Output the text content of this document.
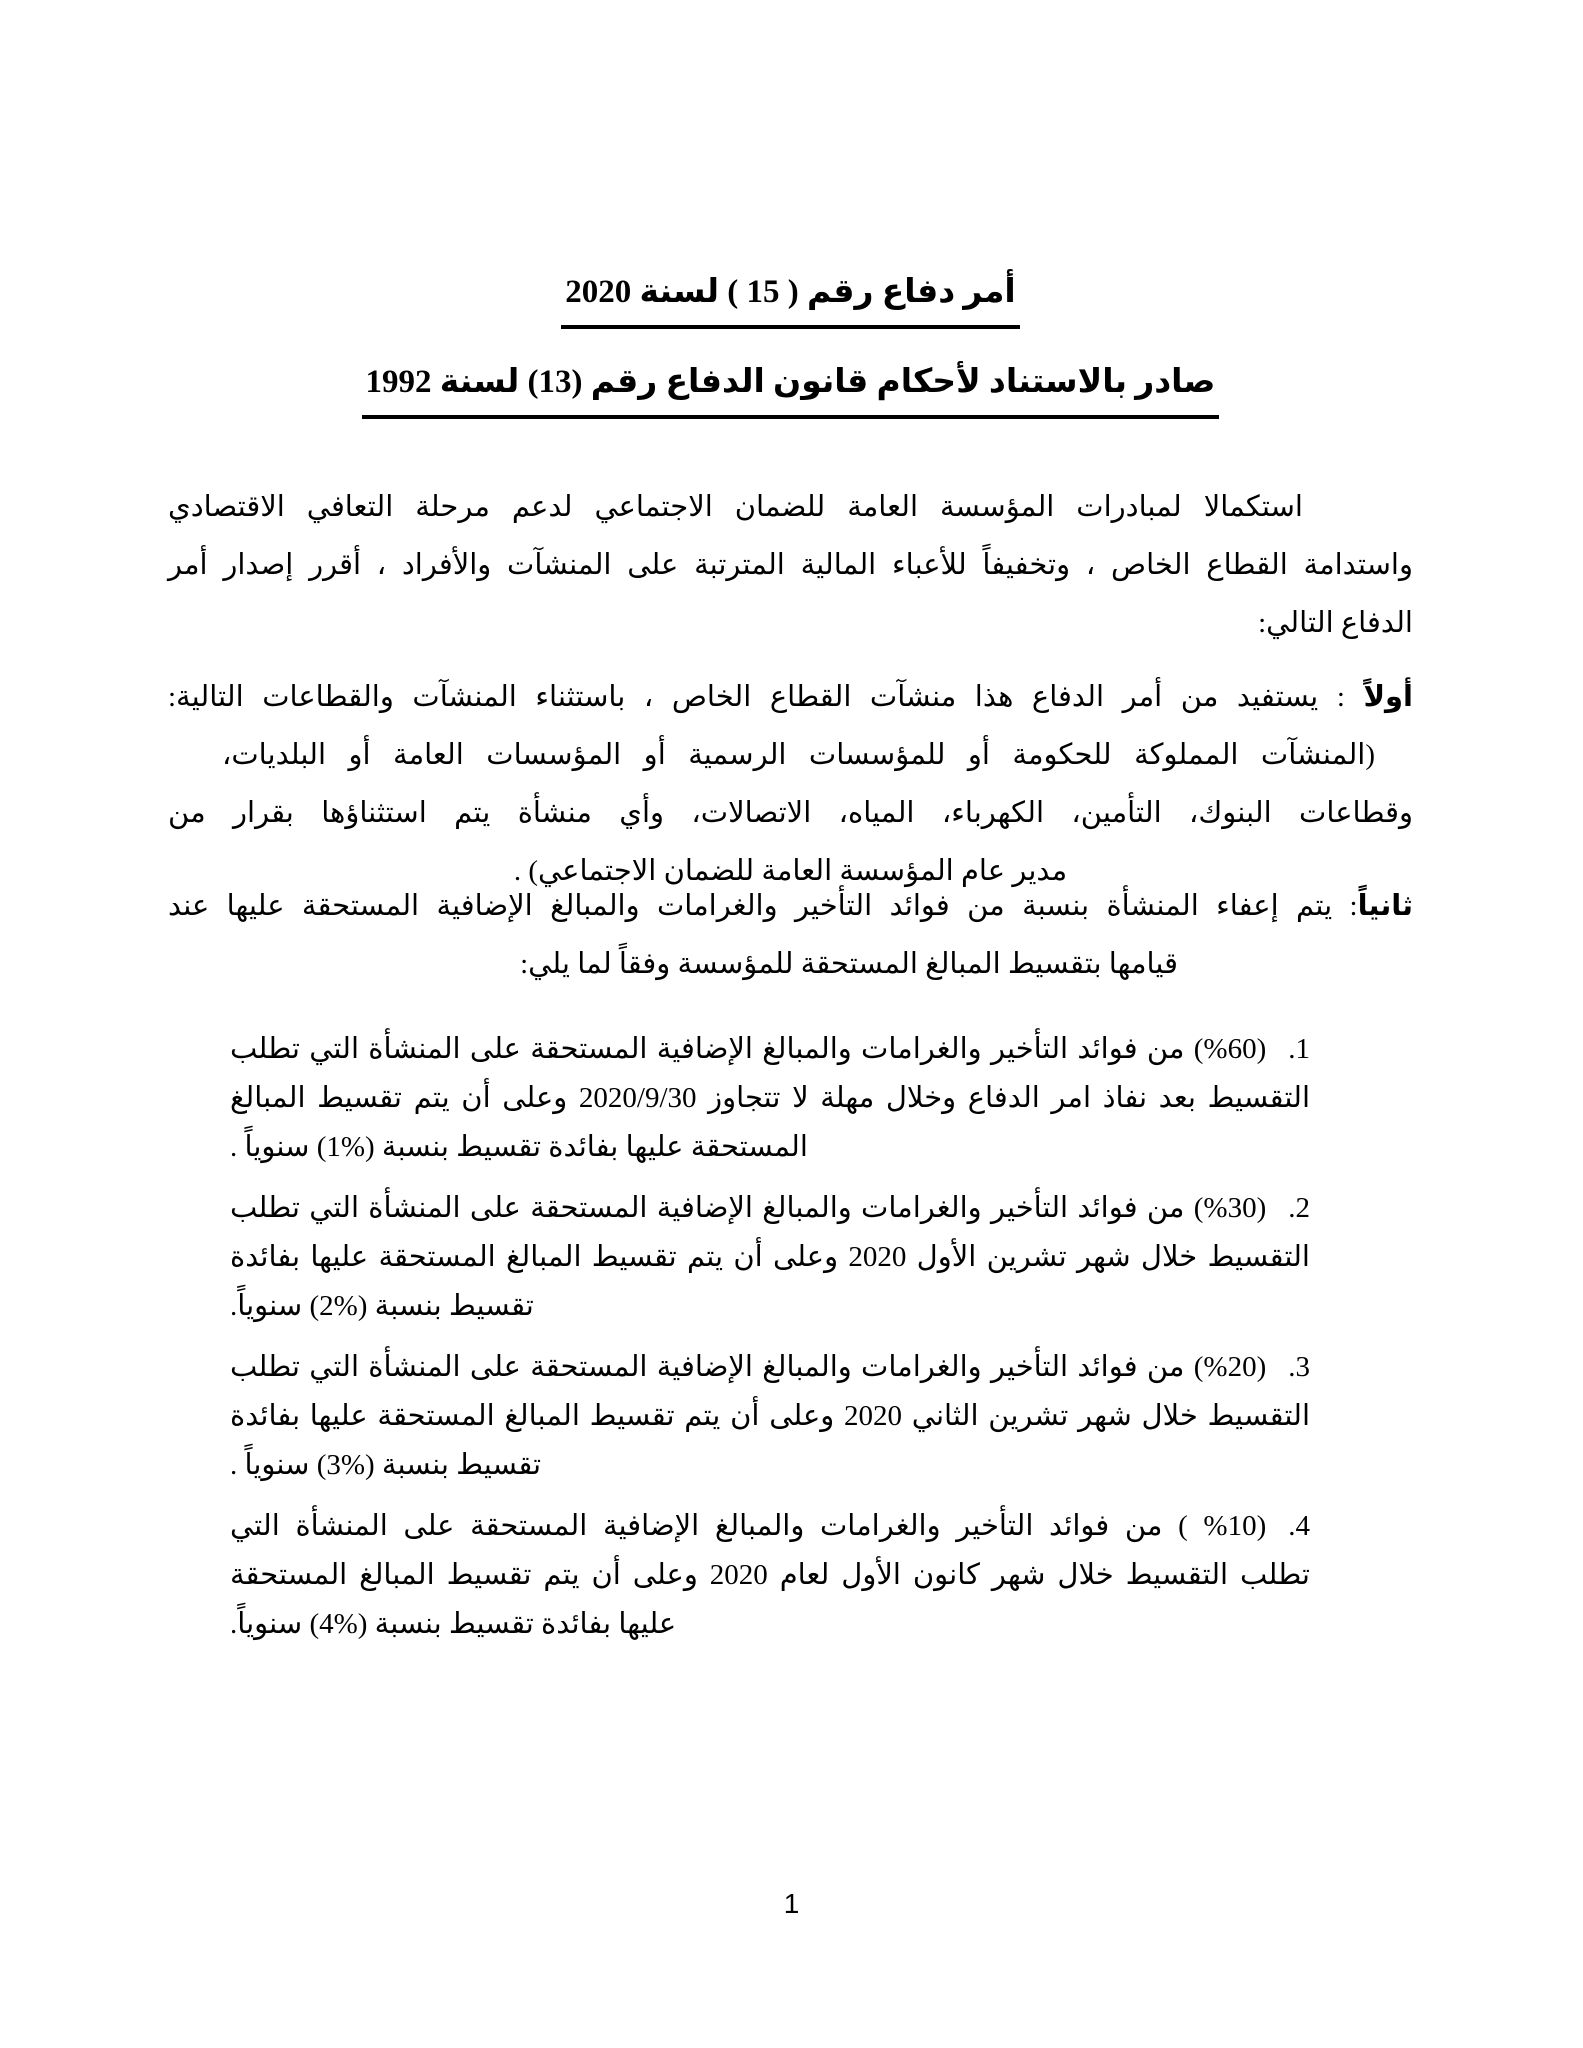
أمر دفاع رقم ( 15 ) لسنة 2020
صادر بالاستناد لأحكام قانون الدفاع رقم (13) لسنة 1992
استكمالا لمبادرات المؤسسة العامة للضمان الاجتماعي لدعم مرحلة التعافي الاقتصادي
واستدامة القطاع الخاص ، وتخفيفاً للأعباء المالية المترتبة على المنشآت والأفراد ، أقرر إصدار أمر
الدفاع التالي:
أولاً : يستفيد من أمر الدفاع هذا منشآت القطاع الخاص ، باستثناء المنشآت والقطاعات التالية:
(المنشآت المملوكة للحكومة أو للمؤسسات الرسمية أو المؤسسات العامة أو البلديات،
وقطاعات البنوك، التأمين، الكهرباء، المياه، الاتصالات، وأي منشأة يتم استثناؤها بقرار من
مدير عام المؤسسة العامة للضمان الاجتماعي) .
ثانياً: يتم إعفاء المنشأة بنسبة من فوائد التأخير والغرامات والمبالغ الإضافية المستحقة عليها عند
قيامها بتقسيط المبالغ المستحقة للمؤسسة وفقاً لما يلي:
1.(%60) من فوائد التأخير والغرامات والمبالغ الإضافية المستحقة على المنشأة التي تطلب
التقسيط بعد نفاذ امر الدفاع وخلال مهلة لا تتجاوز 2020/9/30 وعلى أن يتم تقسيط المبالغ
المستحقة عليها بفائدة تقسيط بنسبة (%1) سنوياً .
2.(%30) من فوائد التأخير والغرامات والمبالغ الإضافية المستحقة على المنشأة التي تطلب
التقسيط خلال شهر تشرين الأول 2020 وعلى أن يتم تقسيط المبالغ المستحقة عليها بفائدة
تقسيط بنسبة (%2) سنوياً.
3.(%20) من فوائد التأخير والغرامات والمبالغ الإضافية المستحقة على المنشأة التي تطلب
التقسيط خلال شهر تشرين الثاني 2020 وعلى أن يتم تقسيط المبالغ المستحقة عليها بفائدة
تقسيط بنسبة (%3) سنوياً .
4.(%10 ) من فوائد التأخير والغرامات والمبالغ الإضافية المستحقة على المنشأة التي
تطلب التقسيط خلال شهر كانون الأول لعام 2020 وعلى أن يتم تقسيط المبالغ المستحقة
عليها بفائدة تقسيط بنسبة (%4) سنوياً.
1
